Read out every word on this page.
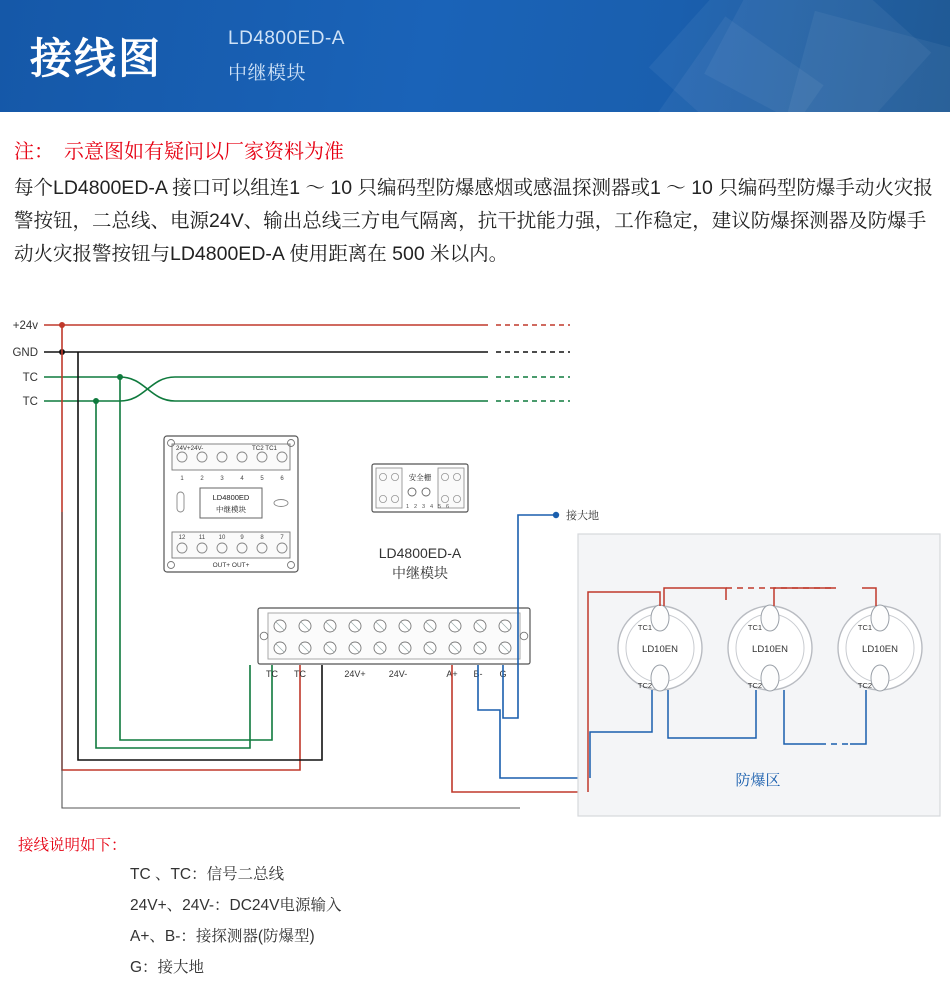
接线图	LD4800ED-A
中继模块
注： 示意图如有疑问以厂家资料为准
每个LD4800ED-A 接口可以组连1 ～ 10 只编码型防爆感烟或感温探测器或1 ～ 10 只编码型防爆手动火灾报警按钮，二总线、电源24V、输出总线三方电气隔离，抗干扰能力强，工作稳定，建议防爆探测器及防爆手动火灾报警按钮与LD4800ED-A 使用距离在 500 米以内。
+24v
GND
TC
TC
24V+24V-	TC2 TC1
1	2	3	4	5	6
LD4800ED
中继模块
12 11 10 9	8	7
OUT+ OUT+
安全栅
1 2 3 4 5 6
LD4800ED-A
中继模块
TC TC	24V+	24V-	A+ B- G
接大地
防爆区
LD10EN
TC1
TC2
LD10EN
TC1
TC2
LD10EN
TC1
TC2
接线说明如下：
TC 、TC：信号二总线
24V+、24V-：DC24V电源输入
A+、B-：接探测器(防爆型)
G：接大地
